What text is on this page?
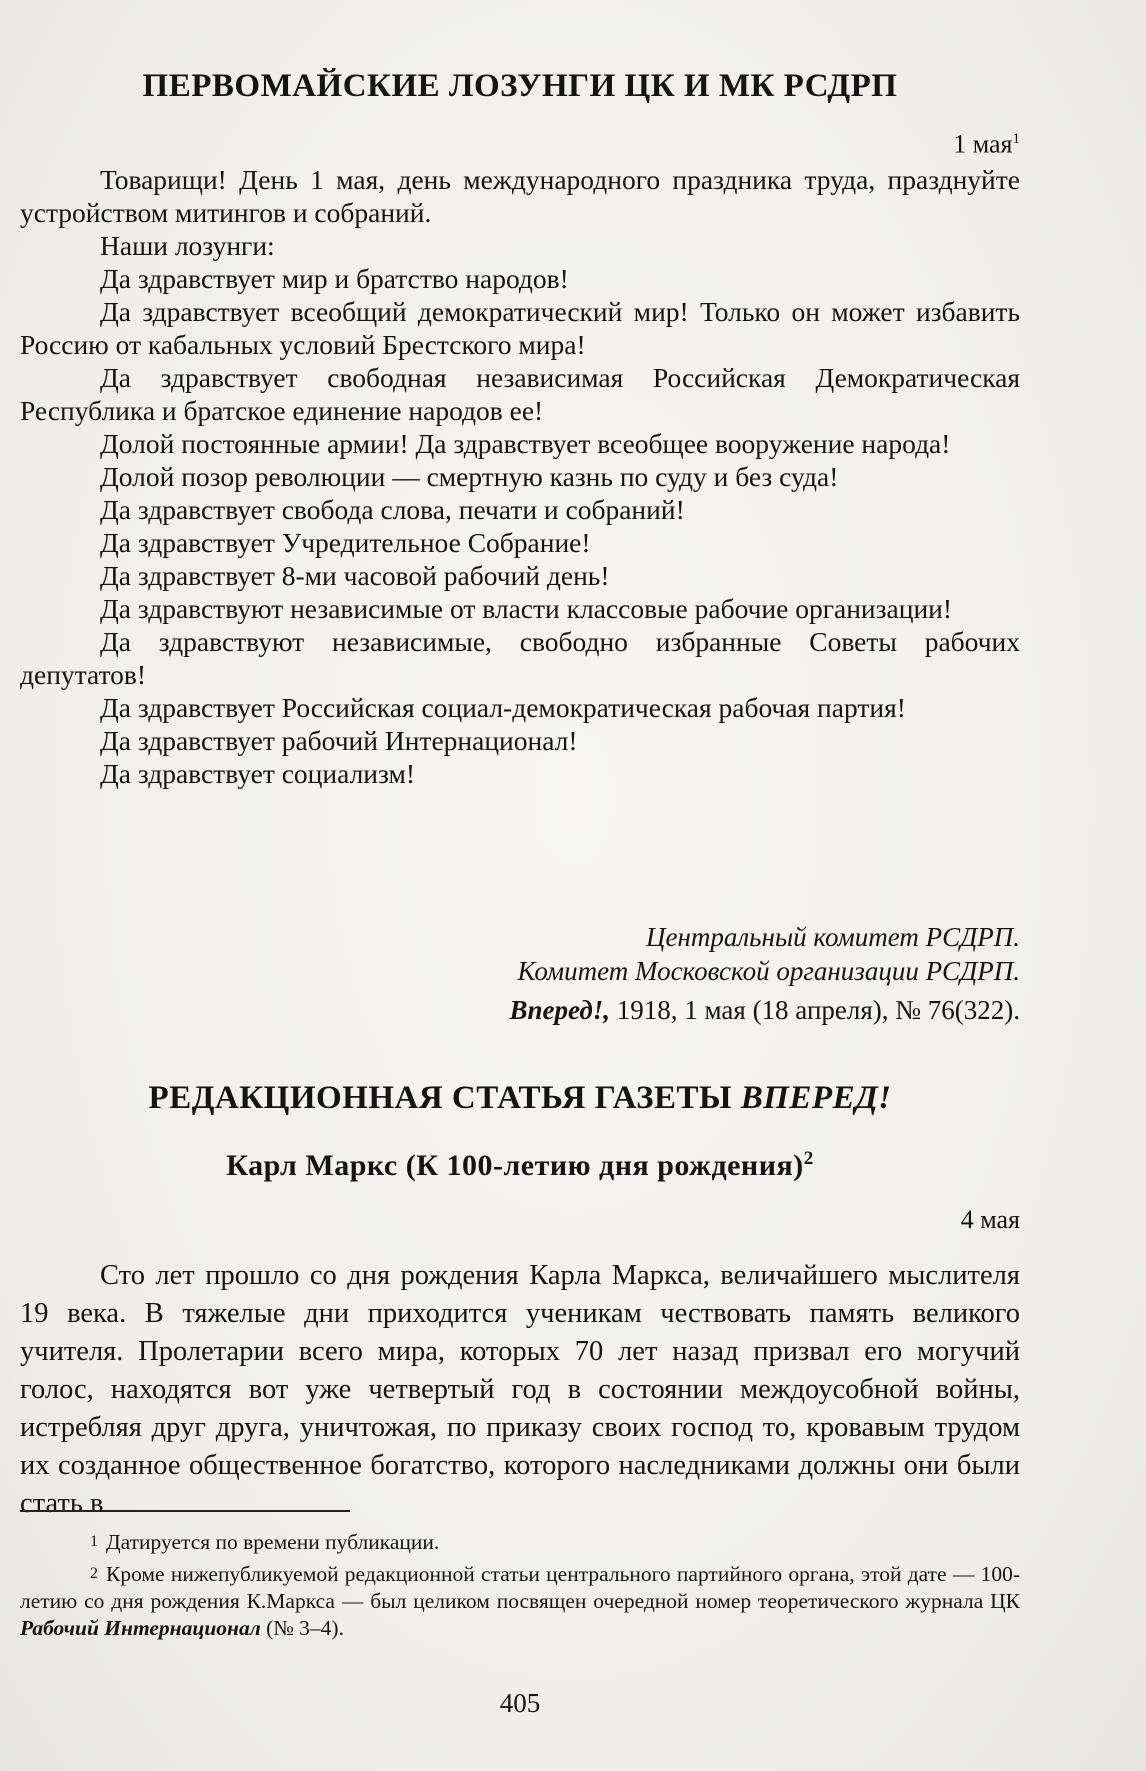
ПЕРВОМАЙСКИЕ ЛОЗУНГИ ЦК И МК РСДРП
1 мая$^1$

Товарищи! День 1 мая, день международного праздника труда, празднуйте устройством митингов и собраний.

Наши лозунги:

Да здравствует мир и братство народов!

Да здравствует всеобщий демократический мир! Только он может избавить Россию от кабальных условий Брестского мира!

Да здравствует свободная независимая Российская Демократическая Республика и братское единение народов ее!

Долой постоянные армии! Да здравствует всеобщее вооружение народа!

Долой позор революции — смертную казнь по суду и без суда!

Да здравствует свобода слова, печати и собраний!

Да здравствует Учредительное Собрание!

Да здравствует 8-ми часовой рабочий день!

Да здравствуют независимые от власти классовые рабочие организации!

Да здравствуют независимые, свободно избранные Советы рабочих депутатов!

Да здравствует Российская социал-демократическая рабочая партия!

Да здравствует рабочий Интернационал!

Да здравствует социализм!

Центральный комитет РСДРП.
Комитет Московской организации РСДРП.
Вперед!, 1918, 1 мая (18 апреля), № 76(322).
РЕДАКЦИОННАЯ СТАТЬЯ ГАЗЕТЫ ВПЕРЕД!
Карл Маркс (К 100-летию дня рождения)$^2$
4 мая

Сто лет прошло со дня рождения Карла Маркса, величайшего мыслителя 19 века. В тяжелые дни приходится ученикам чествовать память великого учителя. Пролетарии всего мира, которых 70 лет назад призвал его могучий голос, находятся вот уже четвертый год в состоянии междоусобной войны, истребляя друг друга, уничтожая, по приказу своих господ то, кровавым трудом их созданное общественное богатство, которого наследниками должны они были стать в

1 Датируется по времени публикации.
2 Кроме нижепубликуемой редакционной статьи центрального партийного органа, этой дате — 100-летию со дня рождения К.Маркса — был целиком посвящен очередной номер теоретического журнала ЦК Рабочий Интернационал (№ 3–4).
405
